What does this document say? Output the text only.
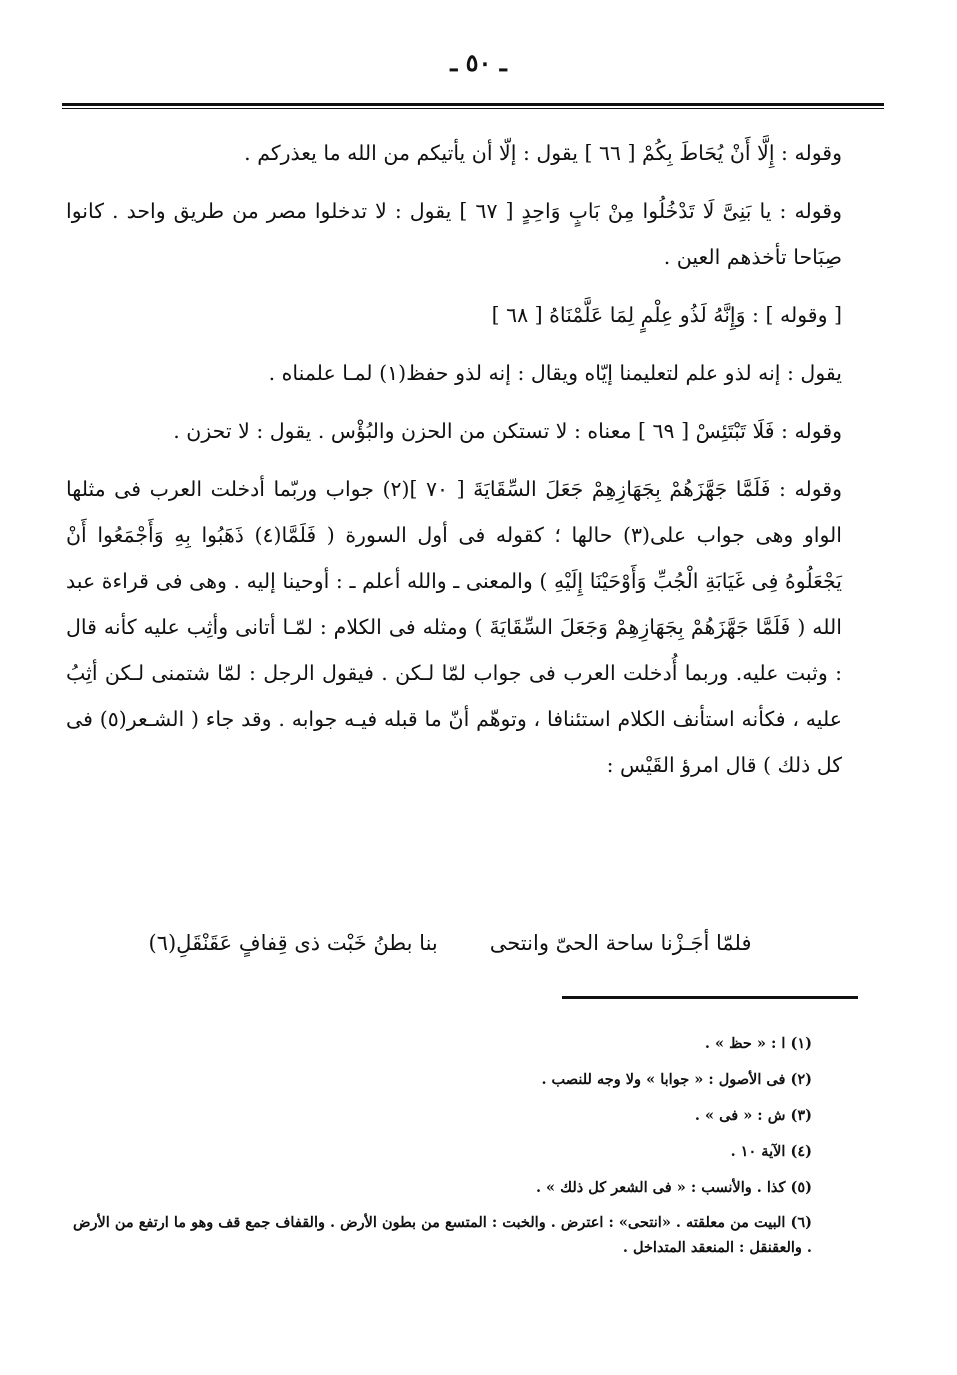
ـ ٥٠ ـ

وقوله : إِلَّا أَنْ يُحَاطَ بِكُمْ [ ٦٦ ] يقول : إلّا أن يأتيكم من الله ما يعذركم .

وقوله : يا بَنِىَّ لَا تَدْخُلُوا مِنْ بَابٍ وَاحِدٍ [ ٦٧ ] يقول : لا تدخلوا مصر من طريق واحد . كانوا صِبَاحا تأخذهم العين .

[ وقوله ] : وَإِنَّهُ لَذُو عِلْمٍ لِمَا عَلَّمْنَاهُ [ ٦٨ ]

يقول : إنه لذو علم لتعليمنا إيّاه ويقال : إنه لذو حفظ(١) لمـا علمناه .

وقوله : فَلَا تَبْتَئِسْ [ ٦٩ ] معناه : لا تستكن من الحزن والبُؤْس . يقول : لا تحزن .

وقوله : فَلَمَّا جَهَّزَهُمْ بِجَهَازِهِمْ جَعَلَ السِّقَايَةَ [ ٧٠ ](٢) جواب وربّما أدخلت العرب فى مثلها الواو وهى جواب على(٣) حالها ؛ كقوله فى أول السورة ( فَلَمَّا(٤) ذَهَبُوا بِهِ وَأَجْمَعُوا أَنْ يَجْعَلُوهُ فِى غَيَابَةِ الْجُبِّ وَأَوْحَيْنَا إِلَيْهِ ) والمعنى ـ والله أعلم ـ : أوحينا إليه . وهى فى قراءة عبد الله ( فَلَمَّا جَهَّزَهُمْ بِجَهَازِهِمْ وَجَعَلَ السِّقَايَةَ ) ومثله فى الكلام : لمّـا أتانى وأثِب عليه كأنه قال : وثبت عليه. وربما أُدخلت العرب فى جواب لمّا لـكن . فيقول الرجل : لمّا شتمنى لـكن أثِبُ عليه ، فكأنه استأنف الكلام استئنافا ، وتوهّم أنّ ما قبله فيـه جوابه . وقد جاء ( الشـعر(٥) فى كل ذلك ) قال امرؤ القَيْس :

فلمّا أجَـزْنا ساحة الحىّ وانتحى
بنا بطنُ خَبْت ذى قِفافٍ عَقَنْقَلِ(٦)

(١) ا : « حظ » .

(٢) فى الأصول : « جوابا » ولا وجه للنصب .

(٣) ش : « فى » .

(٤) الآية ١٠ .

(٥) كذا . والأنسب : « فى الشعر كل ذلك » .

(٦) البيت من معلقته . «انتحى» : اعترض . والخبت : المتسع من بطون الأرض . والقفاف جمع قف وهو ما ارتفع من الأرض . والعقنقل : المنعقد المتداخل .
